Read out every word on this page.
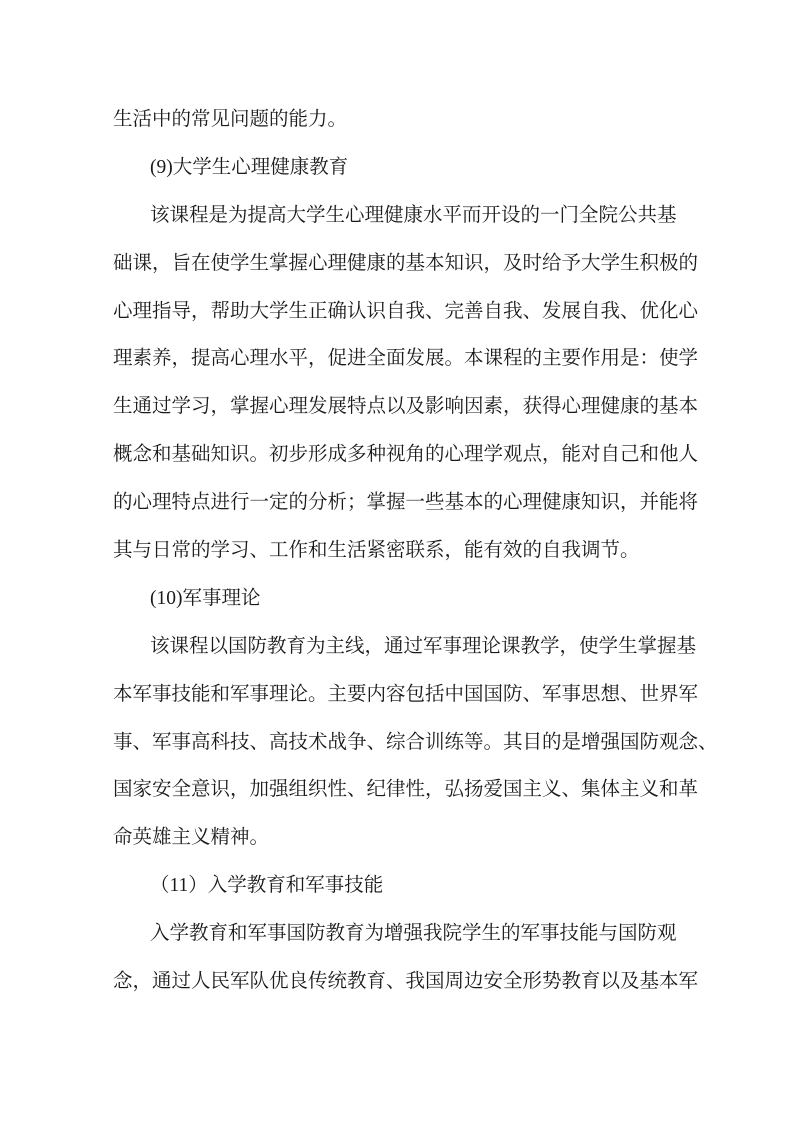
生活中的常见问题的能力。
(9)大学生心理健康教育
该课程是为提高大学生心理健康水平而开设的一门全院公共基
础课，旨在使学生掌握心理健康的基本知识，及时给予大学生积极的
心理指导，帮助大学生正确认识自我、完善自我、发展自我、优化心
理素养，提高心理水平，促进全面发展。本课程的主要作用是：使学
生通过学习，掌握心理发展特点以及影响因素，获得心理健康的基本
概念和基础知识。初步形成多种视角的心理学观点，能对自己和他人
的心理特点进行一定的分析；掌握一些基本的心理健康知识，并能将
其与日常的学习、工作和生活紧密联系，能有效的自我调节。
(10)军事理论
该课程以国防教育为主线，通过军事理论课教学，使学生掌握基
本军事技能和军事理论。主要内容包括中国国防、军事思想、世界军
事、军事高科技、高技术战争、综合训练等。其目的是增强国防观念、
国家安全意识，加强组织性、纪律性，弘扬爱国主义、集体主义和革
命英雄主义精神。
（11）入学教育和军事技能
入学教育和军事国防教育为增强我院学生的军事技能与国防观
念，通过人民军队优良传统教育、我国周边安全形势教育以及基本军
